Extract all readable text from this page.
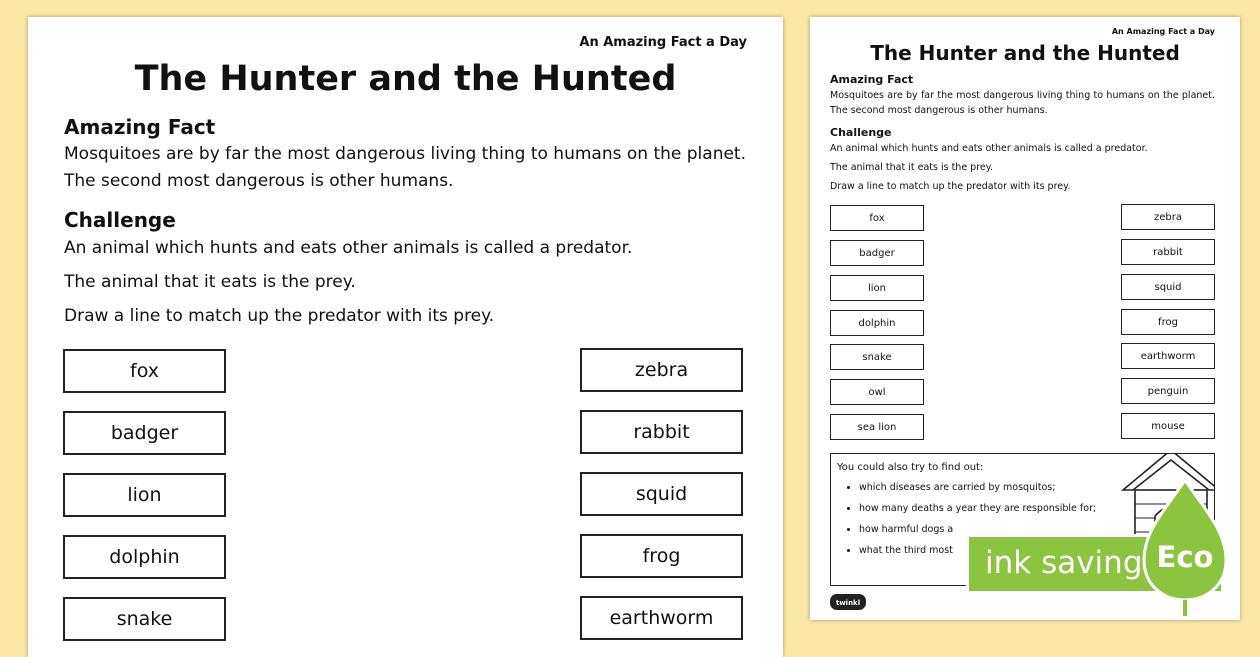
An Amazing Fact a Day
The Hunter and the Hunted
Amazing Fact
Mosquitoes are by far the most dangerous living thing to humans on the planet. The second most dangerous is other humans.
Challenge
An animal which hunts and eats other animals is called a predator.
The animal that it eats is the prey.
Draw a line to match up the predator with its prey.
fox
badger
lion
dolphin
snake
zebra
rabbit
squid
frog
earthworm
An Amazing Fact a Day
The Hunter and the Hunted
Amazing Fact
Mosquitoes are by far the most dangerous living thing to humans on the planet. The second most dangerous is other humans.
Challenge
An animal which hunts and eats other animals is called a predator.
The animal that it eats is the prey.
Draw a line to match up the predator with its prey.
fox
badger
lion
dolphin
snake
owl
sea lion
zebra
rabbit
squid
frog
earthworm
penguin
mouse
You could also try to find out:
• which diseases are carried by mosquitos;
• how many deaths a year they are responsible for;
• how harmful dogs a
• what the third most
twinkl
ink saving Eco
